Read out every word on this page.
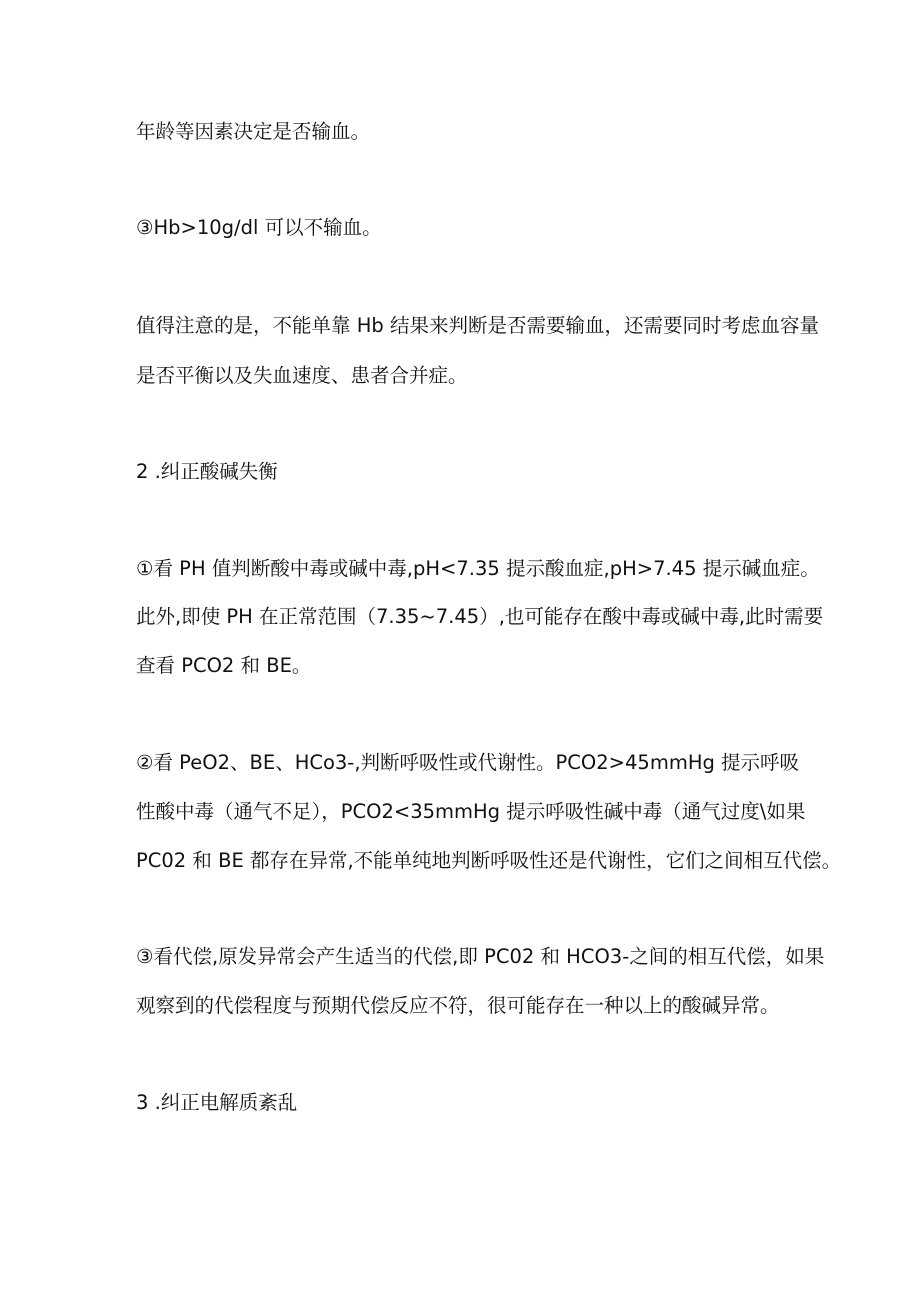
年龄等因素决定是否输血。
③Hb>10g∕dl 可以不输血。
值得注意的是，不能单靠 Hb 结果来判断是否需要输血，还需要同时考虑血容量
是否平衡以及失血速度、患者合并症。
2 .纠正酸碱失衡
①看 PH 值判断酸中毒或碱中毒,pH<7.35 提示酸血症,pH>7.45 提示碱血症。
此外,即使 PH 在正常范围（7.35~7.45）,也可能存在酸中毒或碱中毒,此时需要
查看 PCO2 和 BE。
②看 PeO2、BE、HCo3-,判断呼吸性或代谢性。PCO2>45mmHg 提示呼吸
性酸中毒（通气不足），PCO2<35mmHg 提示呼吸性碱中毒（通气过度\如果
PC02 和 BE 都存在异常,不能单纯地判断呼吸性还是代谢性，它们之间相互代偿。
③看代偿,原发异常会产生适当的代偿,即 PC02 和 HCO3-之间的相互代偿，如果
观察到的代偿程度与预期代偿反应不符，很可能存在一种以上的酸碱异常。
3 .纠正电解质紊乱
